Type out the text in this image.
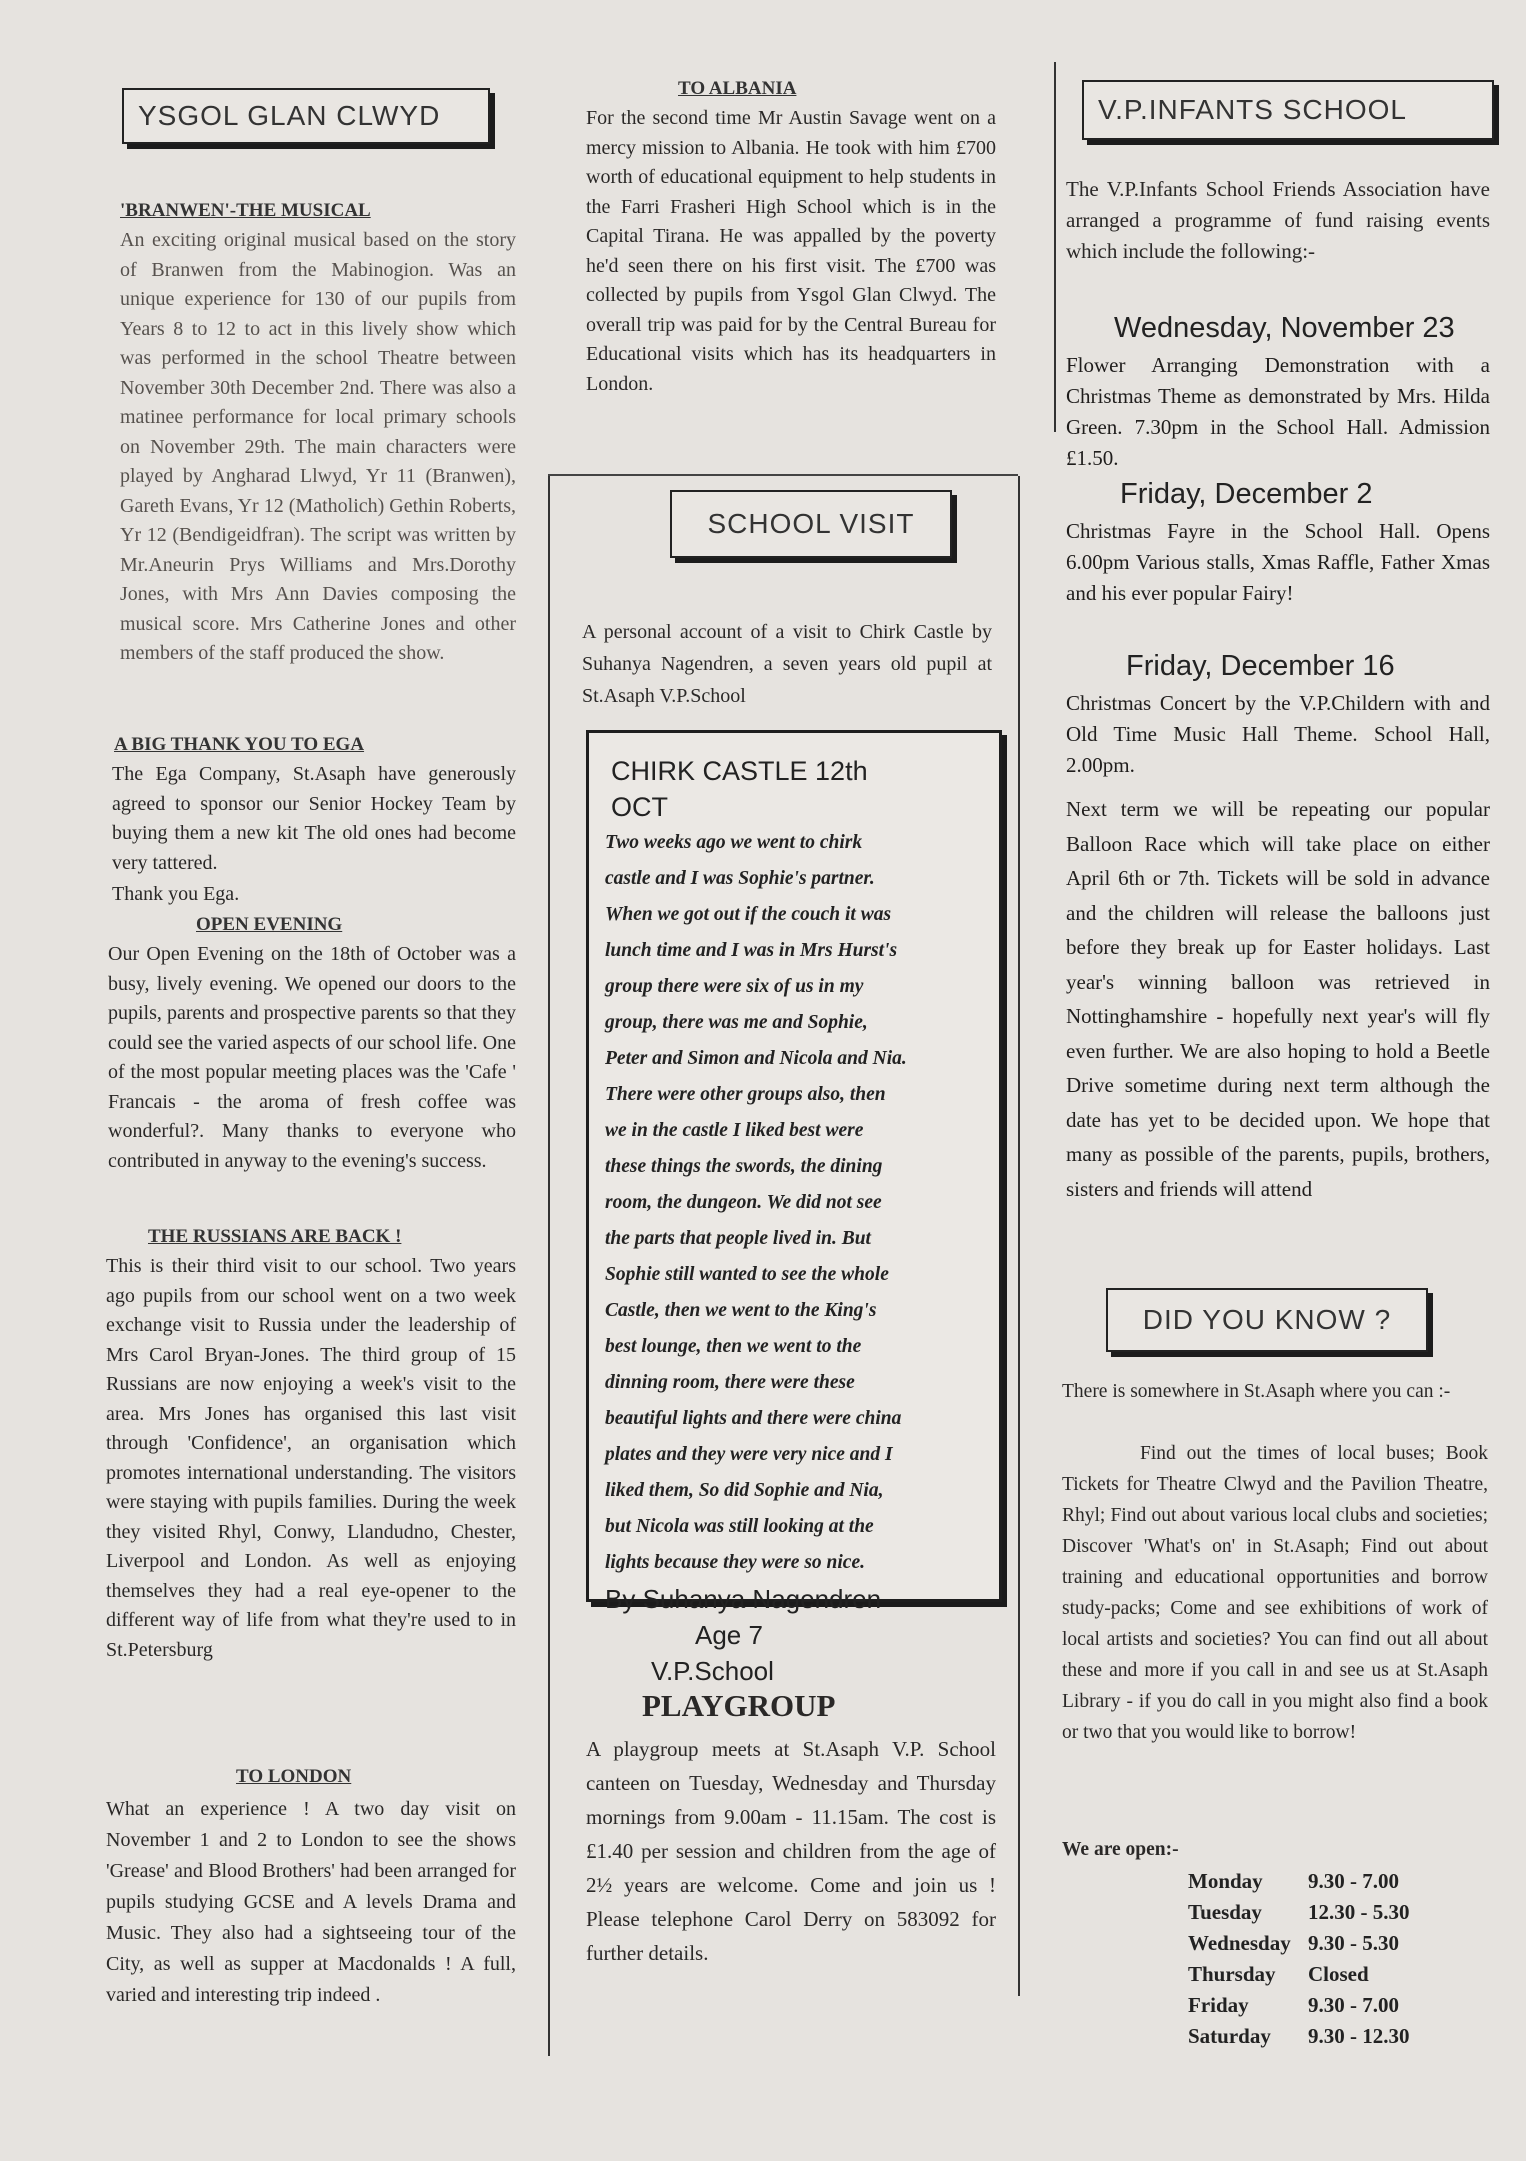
YSGOL GLAN CLWYD
'BRANWEN'-THE MUSICAL
An exciting original musical based on the story of Branwen from the Mabinogion. Was an unique experience for 130 of our pupils from Years 8 to 12 to act in this lively show which was performed in the school Theatre between November 30th December 2nd. There was also a matinee performance for local primary schools on November 29th. The main characters were played by Angharad Llwyd, Yr 11 (Branwen), Gareth Evans, Yr 12 (Matholich) Gethin Roberts, Yr 12 (Bendigeidfran). The script was written by Mr.Aneurin Prys Williams and Mrs.Dorothy Jones, with Mrs Ann Davies composing the musical score. Mrs Catherine Jones and other members of the staff produced the show.
A BIG THANK YOU TO EGA
The Ega Company, St.Asaph have generously agreed to sponsor our Senior Hockey Team by buying them a new kit The old ones had become very tattered.
Thank you Ega.
OPEN EVENING
Our Open Evening on the 18th of October was a busy, lively evening. We opened our doors to the pupils, parents and prospective parents so that they could see the varied aspects of our school life. One of the most popular meeting places was the 'Cafe ' Francais - the aroma of fresh coffee was wonderful?. Many thanks to everyone who contributed in anyway to the evening's success.
THE RUSSIANS ARE BACK !
This is their third visit to our school. Two years ago pupils from our school went on a two week exchange visit to Russia under the leadership of Mrs Carol Bryan-Jones. The third group of 15 Russians are now enjoying a week's visit to the area. Mrs Jones has organised this last visit through 'Confidence', an organisation which promotes international understanding. The visitors were staying with pupils families. During the week they visited Rhyl, Conwy, Llandudno, Chester, Liverpool and London. As well as enjoying themselves they had a real eye-opener to the different way of life from what they're used to in St.Petersburg
TO LONDON
What an experience ! A two day visit on November 1 and 2 to London to see the shows 'Grease' and Blood Brothers' had been arranged for pupils studying GCSE and A levels Drama and Music. They also had a sightseeing tour of the City, as well as supper at Macdonalds ! A full, varied and interesting trip indeed .
TO ALBANIA
For the second time Mr Austin Savage went on a mercy mission to Albania. He took with him £700 worth of educational equipment to help students in the Farri Frasheri High School which is in the Capital Tirana. He was appalled by the poverty he'd seen there on his first visit. The £700 was collected by pupils from Ysgol Glan Clwyd. The overall trip was paid for by the Central Bureau for Educational visits which has its headquarters in London.
SCHOOL VISIT
A personal account of a visit to Chirk Castle by Suhanya Nagendren, a seven years old pupil at St.Asaph V.P.School
CHIRK CASTLE 12th OCT
Two weeks ago we went to chirk
castle and I was Sophie's partner.
When we got out if the couch it was
lunch time and I was in Mrs Hurst's
group there were six of us in my
group, there was me and Sophie,
Peter and Simon and Nicola and Nia.
There were other groups also, then
we in the castle I liked best were
these things the swords, the dining
room, the dungeon. We did not see
the parts that people lived in. But
Sophie still wanted to see the whole
Castle, then we went to the King's
best lounge, then we went to the
dinning room, there were these
beautiful lights and there were china
plates and they were very nice and I
liked them, So did Sophie and Nia,
but Nicola was still looking at the
lights because they were so nice.
By Suhanya Nagendren
Age 7
V.P.School
PLAYGROUP
A playgroup meets at St.Asaph V.P. School canteen on Tuesday, Wednesday and Thursday mornings from 9.00am - 11.15am. The cost is £1.40 per session and children from the age of 2½ years are welcome. Come and join us ! Please telephone Carol Derry on 583092 for further details.
V.P.INFANTS SCHOOL
The V.P.Infants School Friends Association have arranged a programme of fund raising events which include the following:-
Wednesday, November 23
Flower Arranging Demonstration with a Christmas Theme as demonstrated by Mrs. Hilda Green. 7.30pm in the School Hall. Admission £1.50.
Friday, December 2
Christmas Fayre in the School Hall. Opens 6.00pm Various stalls, Xmas Raffle, Father Xmas and his ever popular Fairy!
Friday, December 16
Christmas Concert by the V.P.Childern with and Old Time Music Hall Theme. School Hall, 2.00pm.
Next term we will be repeating our popular Balloon Race which will take place on either April 6th or 7th. Tickets will be sold in advance and the children will release the balloons just before they break up for Easter holidays. Last year's winning balloon was retrieved in Nottinghamshire - hopefully next year's will fly even further. We are also hoping to hold a Beetle Drive sometime during next term although the date has yet to be decided upon. We hope that many as possible of the parents, pupils, brothers, sisters and friends will attend
DID YOU KNOW ?
There is somewhere in St.Asaph where you can :-
Find out the times of local buses; Book Tickets for Theatre Clwyd and the Pavilion Theatre, Rhyl; Find out about various local clubs and societies; Discover 'What's on' in St.Asaph; Find out about training and educational opportunities and borrow study-packs; Come and see exhibitions of work of local artists and societies? You can find out all about these and more if you call in and see us at St.Asaph Library - if you do call in you might also find a book or two that you would like to borrow!
We are open:-
Monday 9.30 - 7.00
Tuesday 12.30 - 5.30
Wednesday 9.30 - 5.30
Thursday Closed
Friday	9.30 - 7.00
Saturday 9.30 - 12.30
